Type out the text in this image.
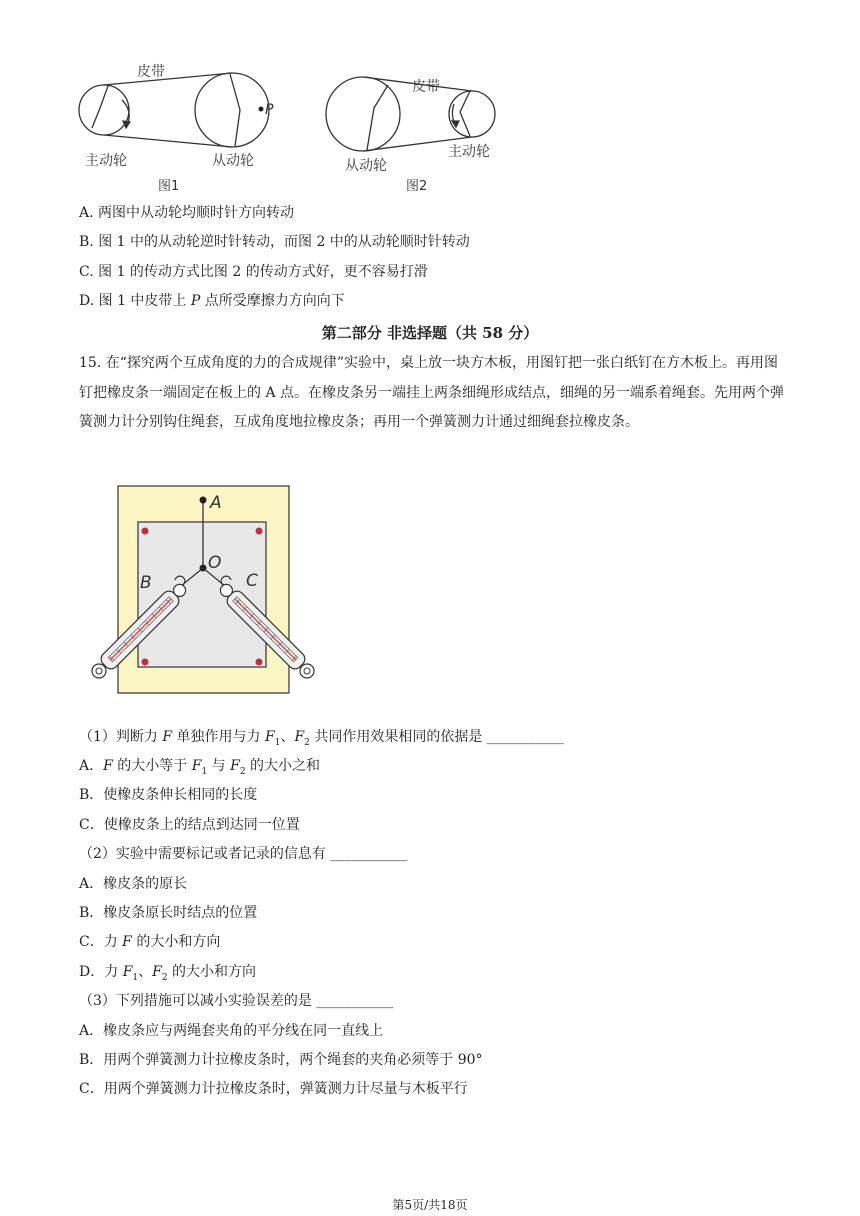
P
皮带
主动轮	从动轮
图1
皮带
主动轮
从动轮
图2
A. 两图中从动轮均顺时针方向转动
B. 图 1 中的从动轮逆时针转动，而图 2 中的从动轮顺时针转动
C. 图 1 的传动方式比图 2 的传动方式好，更不容易打滑
D. 图 1 中皮带上 P 点所受摩擦力方向向下
第二部分 非选择题（共 58 分）
15. 在“探究两个互成角度的力的合成规律”实验中，桌上放一块方木板，用图钉把一张白纸钉在方木板上。再用图钉把橡皮条一端固定在板上的 A 点。在橡皮条另一端挂上两条细绳形成结点，细绳的另一端系着绳套。先用两个弹簧测力计分别钩住绳套，互成角度地拉橡皮条；再用一个弹簧测力计通过细绳套拉橡皮条。
A
O
B	C
（1）判断力 F 单独作用与力 $F_1$、$F_2$ 共同作用效果相同的依据是 ___________
A．F 的大小等于 $F_1$ 与 $F_2$ 的大小之和
B．使橡皮条伸长相同的长度
C．使橡皮条上的结点到达同一位置
（2）实验中需要标记或者记录的信息有 ___________
A．橡皮条的原长
B．橡皮条原长时结点的位置
C．力 F 的大小和方向
D．力 $F_1$、$F_2$ 的大小和方向
（3）下列措施可以减小实验误差的是 ___________
A．橡皮条应与两绳套夹角的平分线在同一直线上
B．用两个弹簧测力计拉橡皮条时，两个绳套的夹角必须等于 90°
C．用两个弹簧测力计拉橡皮条时，弹簧测力计尽量与木板平行
第5页/共18页
